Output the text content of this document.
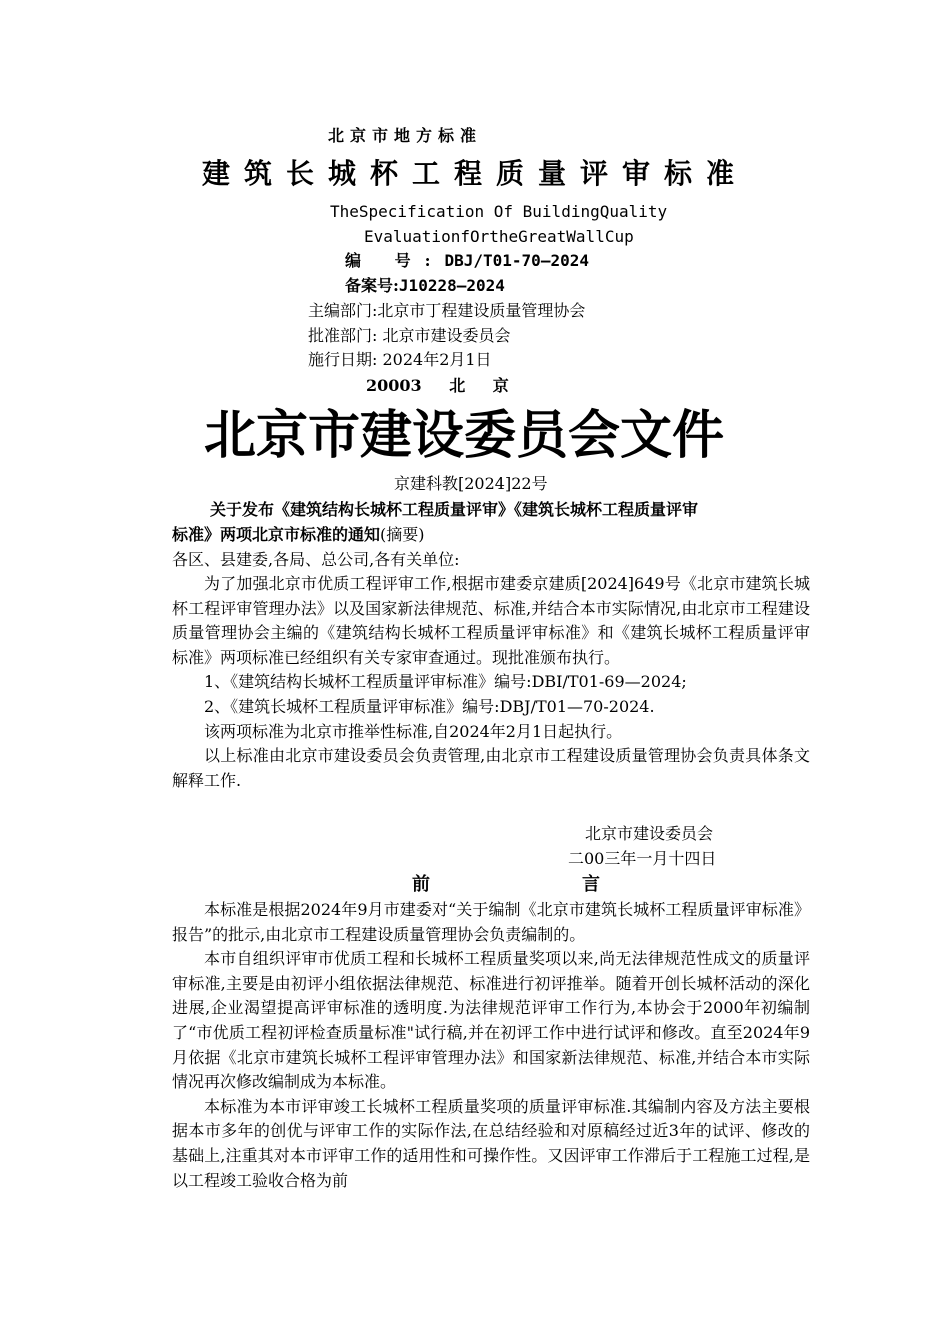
北京市地方标准
建筑长城杯工程质量评审标准
TheSpecification Of BuildingQuality
EvaluationfOrtheGreatWallCup
编 号:DBJ/T01-70—2024
备案号:J10228—2024
主编部门:北京市丁程建设质量管理协会
批准部门: 北京市建设委员会
施行日期: 2024年2月1日
20003 北 京
北京市建设委员会文件
京建科教[2024]22号
关于发布《建筑结构长城杯工程质量评审》《建筑长城杯工程质量评审
标准》两项北京市标准的通知(摘要)
各区、县建委,各局、总公司,各有关单位:

为了加强北京市优质工程评审工作,根据市建委京建质[2024]649号《北京市建筑长城杯工程评审管理办法》以及国家新法律规范、标准,并结合本市实际情况,由北京市工程建设质量管理协会主编的《建筑结构长城杯工程质量评审标准》和《建筑长城杯工程质量评审标准》两项标准已经组织有关专家审查通过。现批准颁布执行。

1、《建筑结构长城杯工程质量评审标准》编号:DBI/T01-69—2024;

2、《建筑长城杯工程质量评审标准》编号:DBJ/T01—70-2024.

该两项标准为北京市推举性标准,自2024年2月1日起执行。

以上标准由北京市建设委员会负责管理,由北京市工程建设质量管理协会负责具体条文解释工作.

北京市建设委员会
二00三年一月十四日
前	言

本标准是根据2024年9月市建委对“关于编制《北京市建筑长城杯工程质量评审标准》报告”的批示,由北京市工程建设质量管理协会负责编制的。

本市自组织评审市优质工程和长城杯工程质量奖项以来,尚无法律规范性成文的质量评审标准,主要是由初评小组依据法律规范、标准进行初评推举。随着开创长城杯活动的深化进展,企业渴望提高评审标准的透明度.为法律规范评审工作行为,本协会于2000年初编制了“市优质工程初评检查质量标准"试行稿,并在初评工作中进行试评和修改。直至2024年9月依据《北京市建筑长城杯工程评审管理办法》和国家新法律规范、标准,并结合本市实际情况再次修改编制成为本标准。

本标准为本市评审竣工长城杯工程质量奖项的质量评审标准.其编制内容及方法主要根据本市多年的创优与评审工作的实际作法,在总结经验和对原稿经过近3年的试评、修改的基础上,注重其对本市评审工作的适用性和可操作性。又因评审工作滞后于工程施工过程,是以工程竣工验收合格为前
